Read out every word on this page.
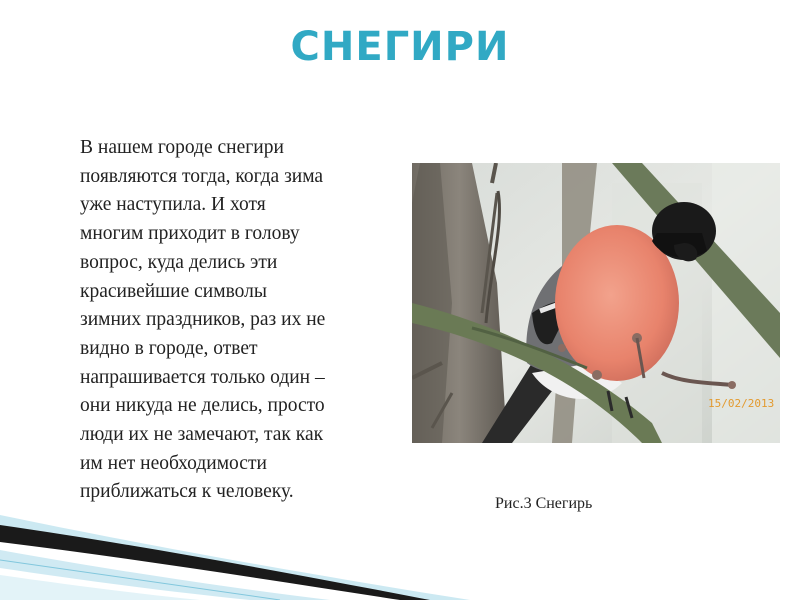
СНЕГИРИ
В нашем городе снегири
появляются тогда, когда зима
уже наступила. И хотя
многим приходит в голову
вопрос, куда делись эти
красивейшие символы
зимних праздников, раз их не
видно в городе, ответ
напрашивается только один –
они никуда не делись, просто
люди их не замечают, так как
им нет необходимости
приближаться к человеку.
15/02/2013
Рис.3 Снегирь
